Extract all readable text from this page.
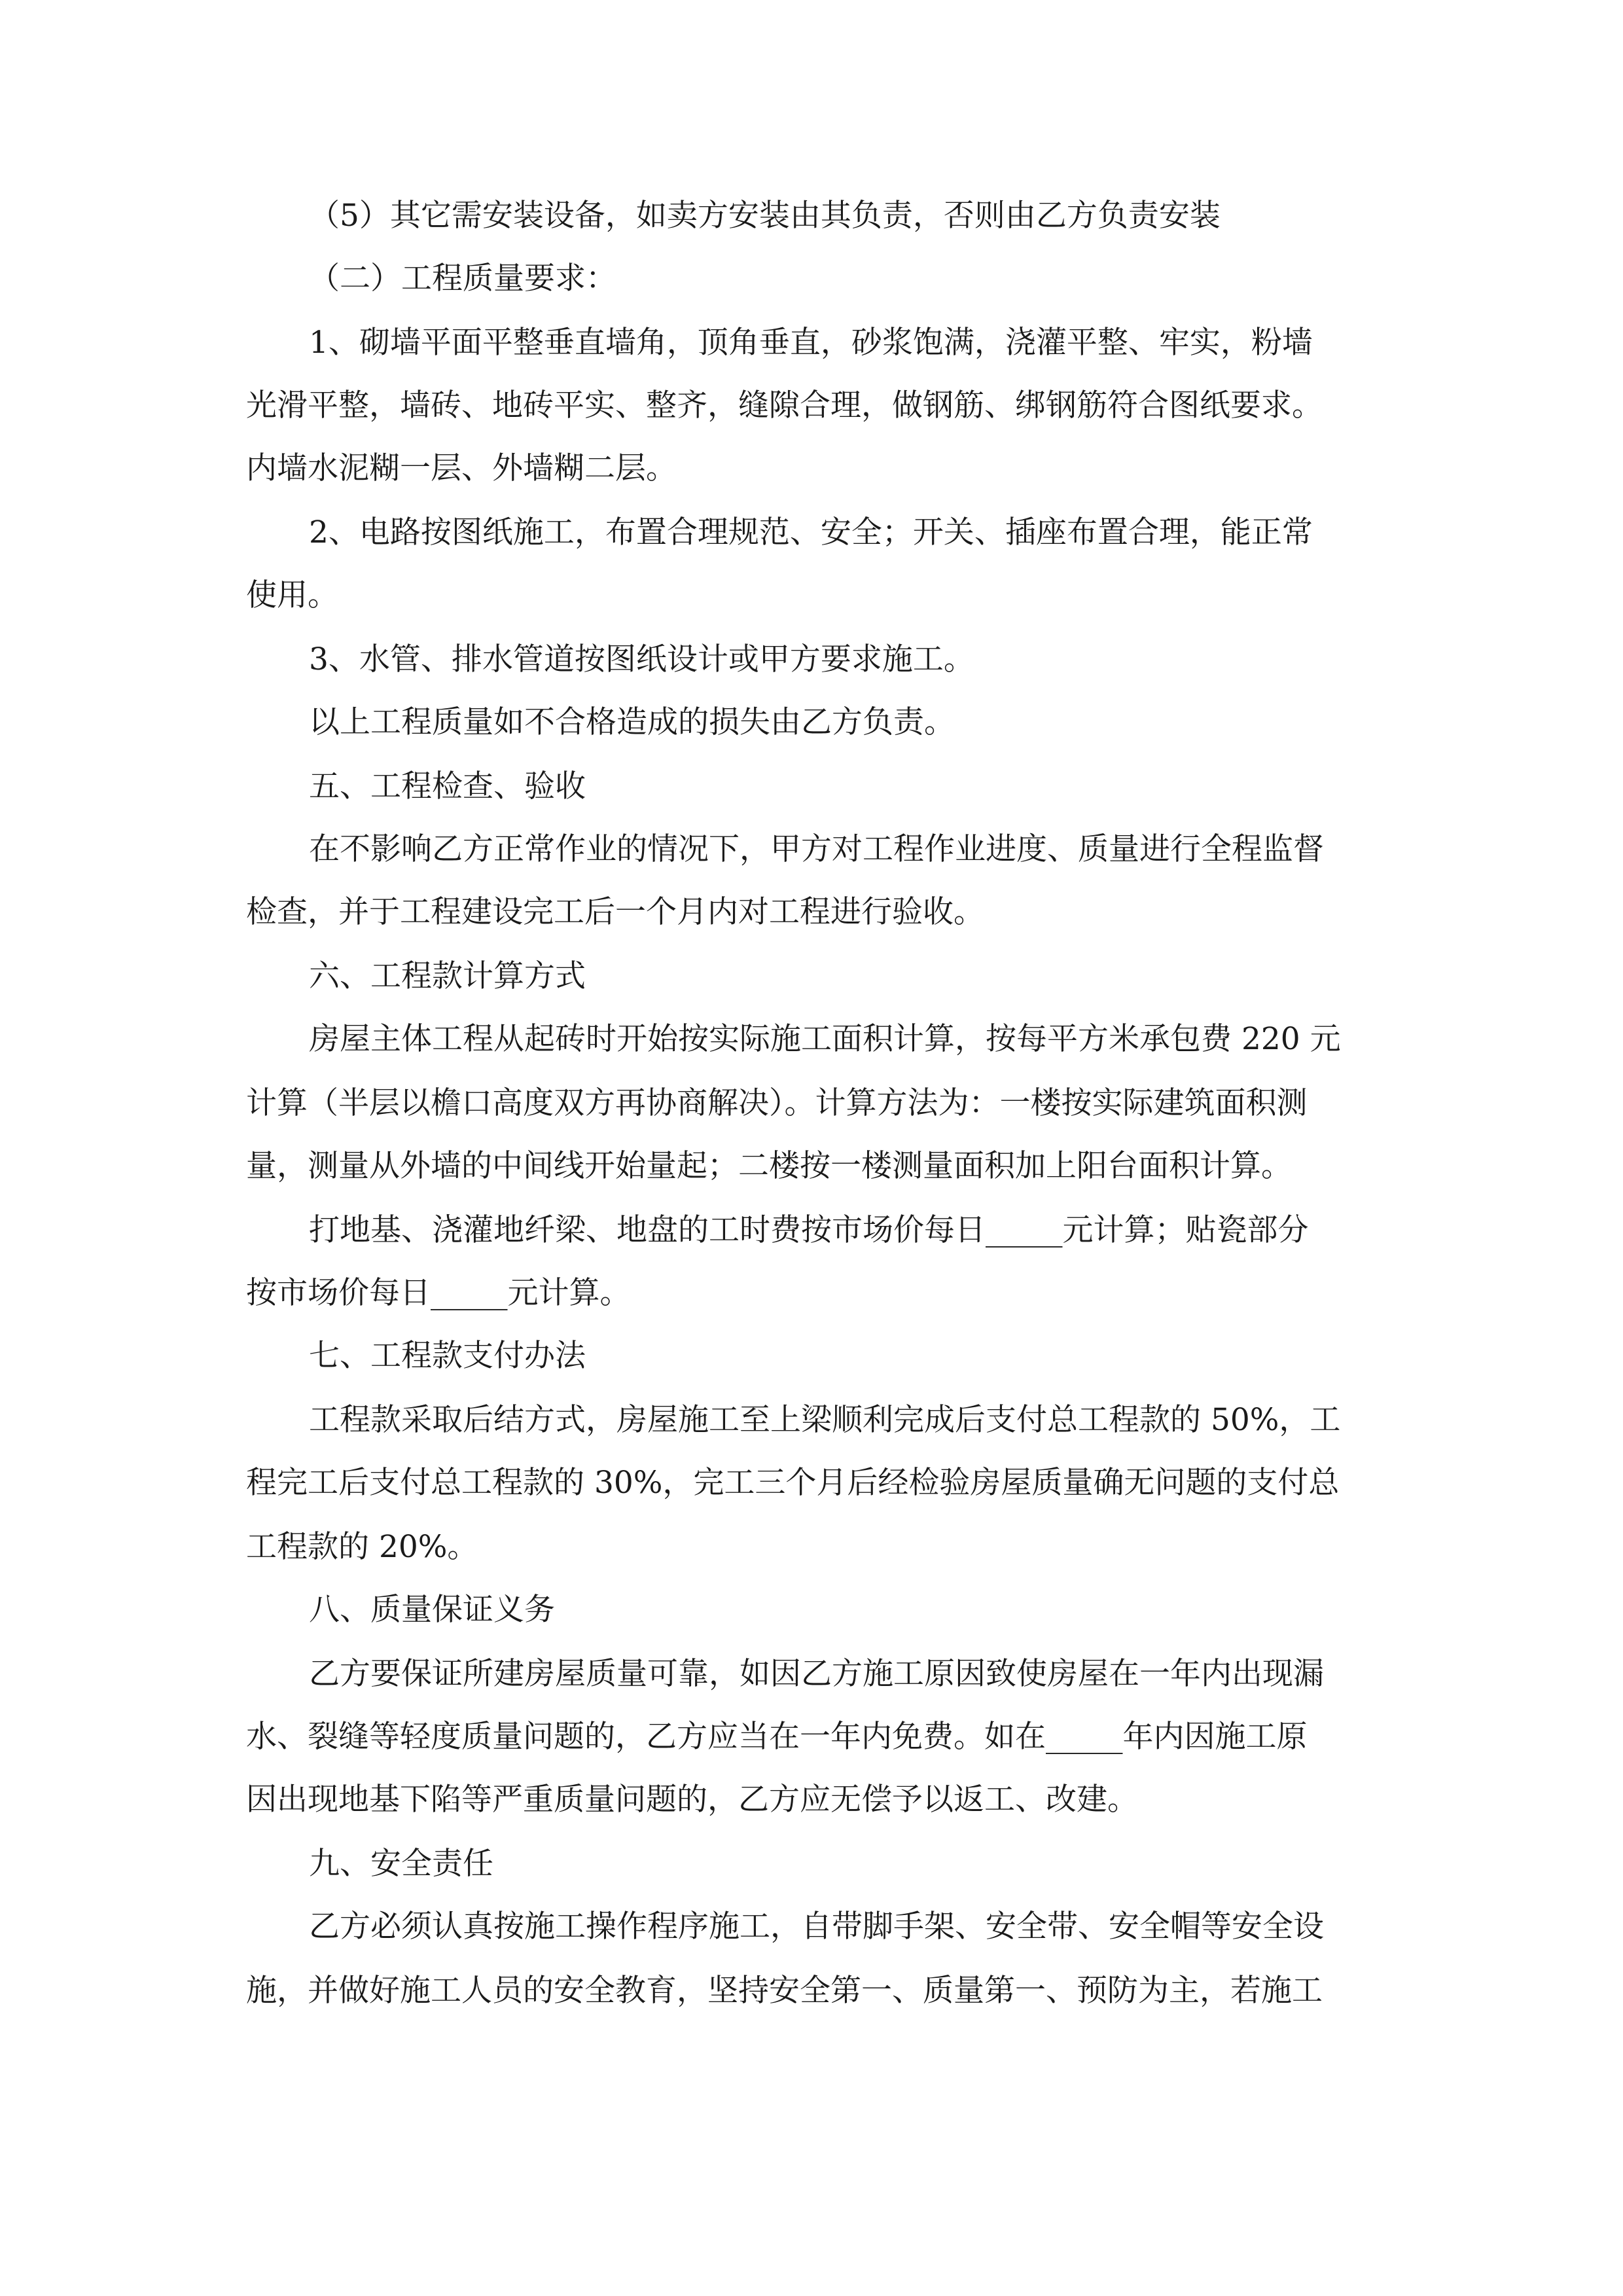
（5）其它需安装设备，如卖方安装由其负责，否则由乙方负责安装
（二）工程质量要求：
1、砌墙平面平整垂直墙角，顶角垂直，砂浆饱满，浇灌平整、牢实，粉墙
光滑平整，墙砖、地砖平实、整齐，缝隙合理，做钢筋、绑钢筋符合图纸要求。
内墙水泥糊一层、外墙糊二层。
2、电路按图纸施工，布置合理规范、安全；开关、插座布置合理，能正常
使用。
3、水管、排水管道按图纸设计或甲方要求施工。
以上工程质量如不合格造成的损失由乙方负责。
五、工程检查、验收
在不影响乙方正常作业的情况下，甲方对工程作业进度、质量进行全程监督
检查，并于工程建设完工后一个月内对工程进行验收。
六、工程款计算方式
房屋主体工程从起砖时开始按实际施工面积计算，按每平方米承包费 220 元
计算（半层以檐口高度双方再协商解决）。计算方法为：一楼按实际建筑面积测
量，测量从外墙的中间线开始量起；二楼按一楼测量面积加上阳台面积计算。
打地基、浇灌地纤梁、地盘的工时费按市场价每日_____元计算；贴瓷部分
按市场价每日_____元计算。
七、工程款支付办法
工程款采取后结方式，房屋施工至上梁顺利完成后支付总工程款的 50%，工
程完工后支付总工程款的 30%，完工三个月后经检验房屋质量确无问题的支付总
工程款的 20%。
八、质量保证义务
乙方要保证所建房屋质量可靠，如因乙方施工原因致使房屋在一年内出现漏
水、裂缝等轻度质量问题的，乙方应当在一年内免费。如在_____年内因施工原
因出现地基下陷等严重质量问题的，乙方应无偿予以返工、改建。
九、安全责任
乙方必须认真按施工操作程序施工，自带脚手架、安全带、安全帽等安全设
施，并做好施工人员的安全教育，坚持安全第一、质量第一、预防为主，若施工
